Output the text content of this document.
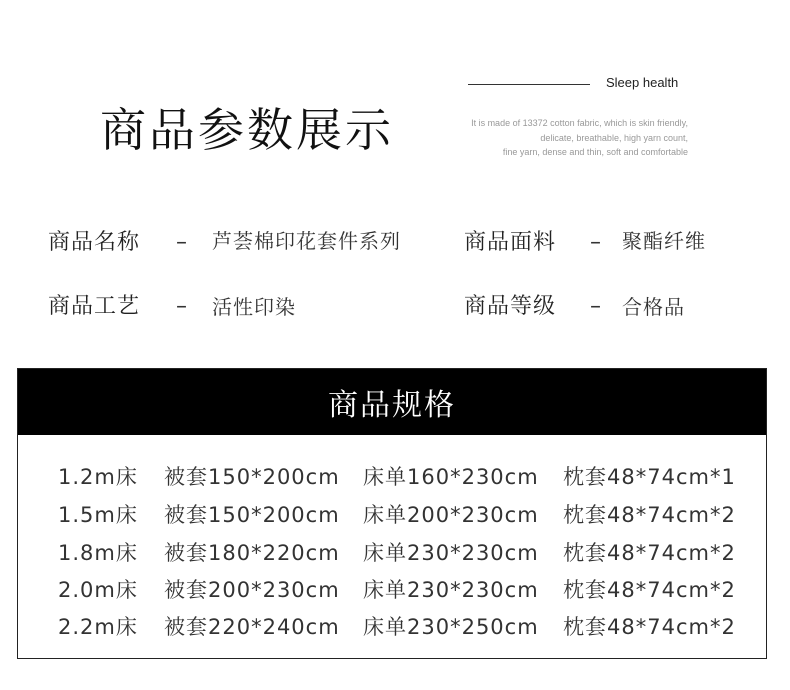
商品参数展示
Sleep health
It is made of 13372 cotton fabric, which is skin friendly,
delicate, breathable, high yarn count,
fine yarn, dense and thin, soft and comfortable
商品名称 – 芦荟棉印花套件系列	商品面料 – 聚酯纤维
商品工艺 – 活性印染	商品等级 – 合格品
商品规格
1.2m床 被套150*200cm 床单160*230cm 枕套48*74cm*1
1.5m床 被套150*200cm 床单200*230cm 枕套48*74cm*2
1.8m床 被套180*220cm 床单230*230cm 枕套48*74cm*2
2.0m床 被套200*230cm 床单230*230cm 枕套48*74cm*2
2.2m床 被套220*240cm 床单230*250cm 枕套48*74cm*2
